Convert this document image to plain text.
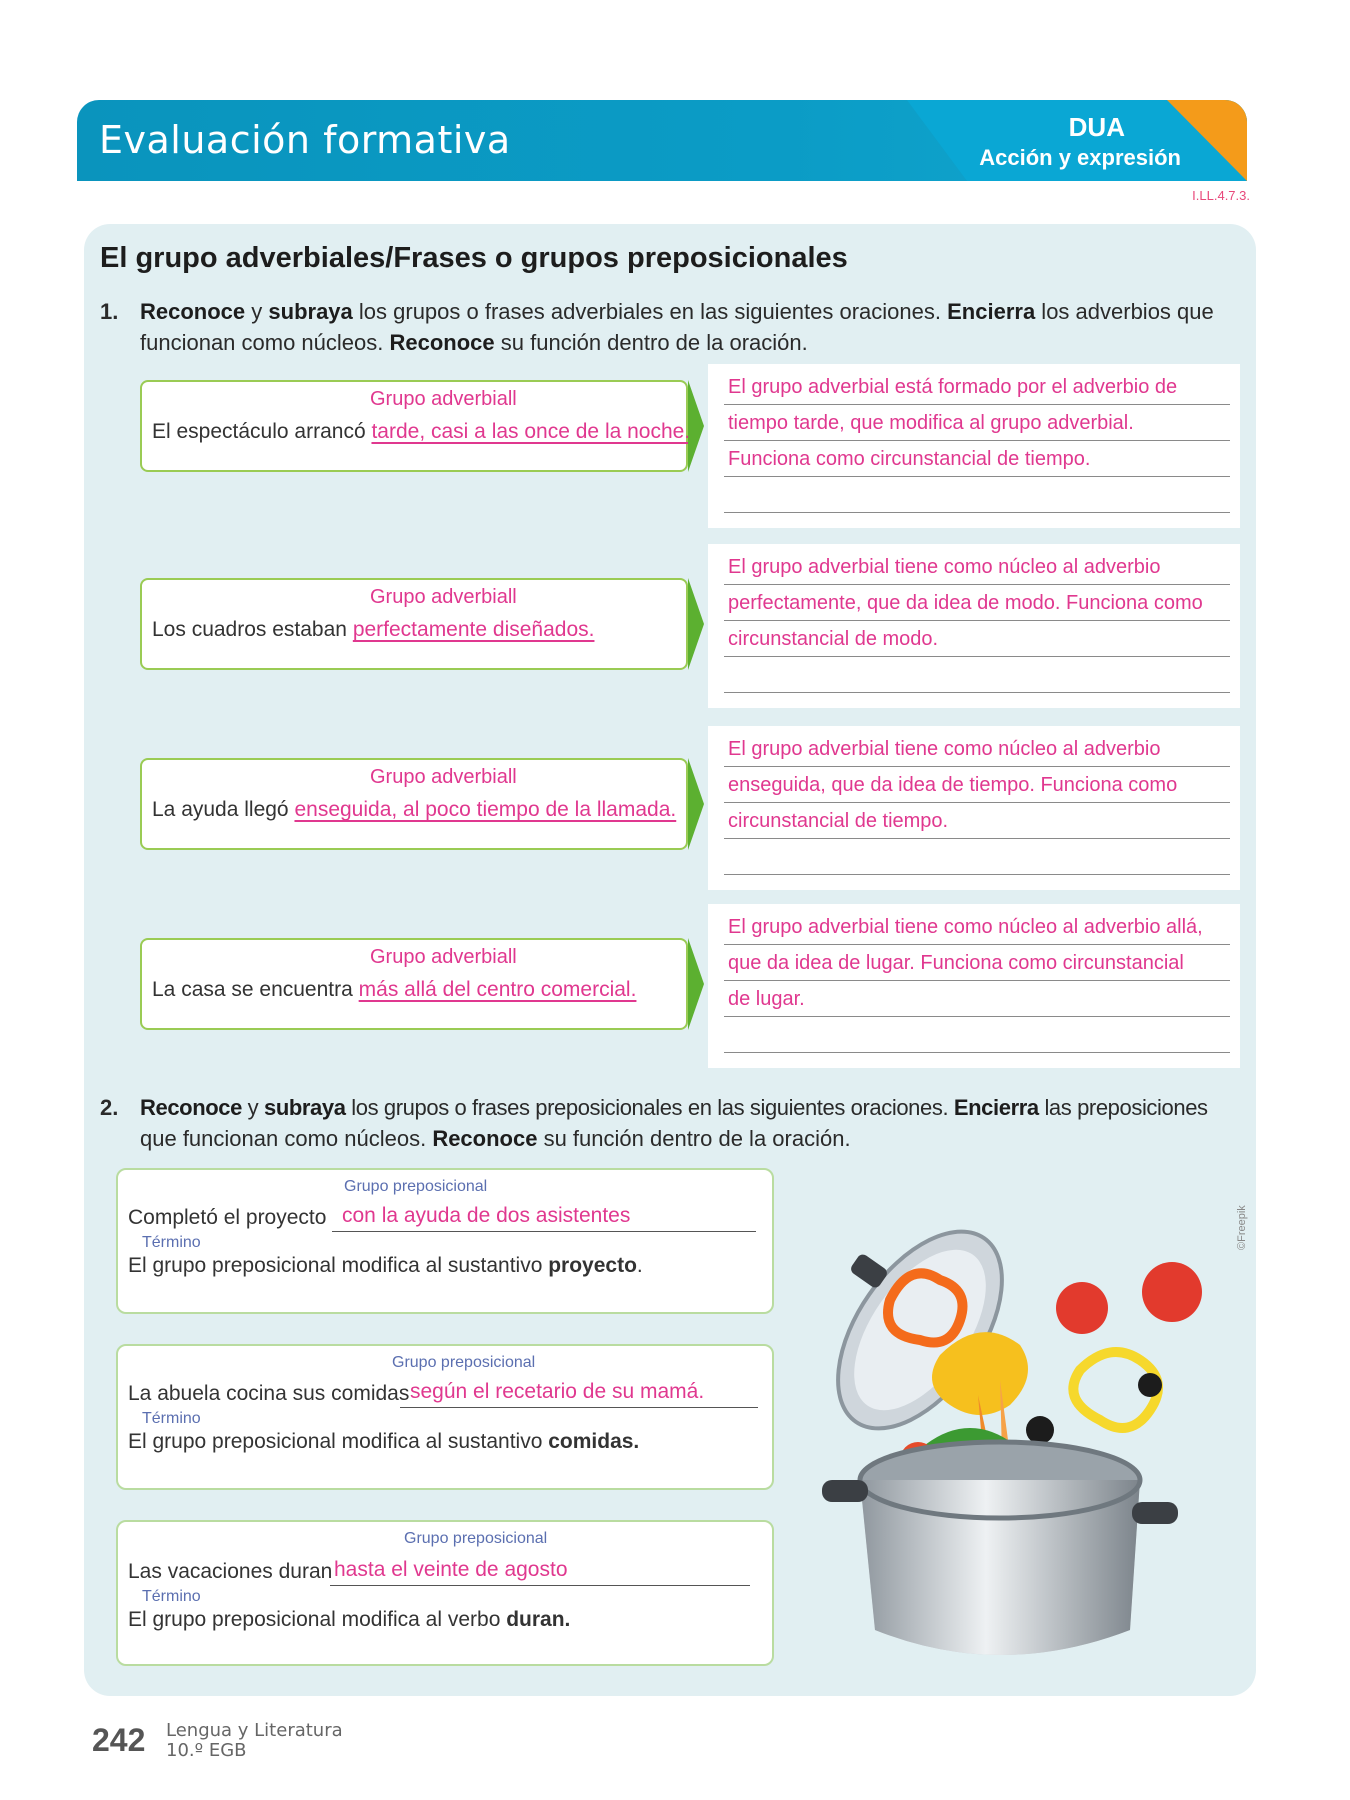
Evaluación formativa	DUA
Acción y expresión
I.LL.4.7.3.
El grupo adverbiales/Frases o grupos preposicionales
1. Reconoce y subraya los grupos o frases adverbiales en las siguientes oraciones. Encierra los adverbios que
funcionan como núcleos. Reconoce su función dentro de la oración.
Grupo adverbiall
El espectáculo arrancó tarde, casi a las once de la noche.
El grupo adverbial está formado por el adverbio de
tiempo tarde, que modifica al grupo adverbial.
Funciona como circunstancial de tiempo.
Grupo adverbiall
Los cuadros estaban perfectamente diseñados.
El grupo adverbial tiene como núcleo al adverbio
perfectamente, que da idea de modo. Funciona como
circunstancial de modo.
Grupo adverbiall
La ayuda llegó enseguida, al poco tiempo de la llamada.
El grupo adverbial tiene como núcleo al adverbio
enseguida, que da idea de tiempo. Funciona como
circunstancial de tiempo.
Grupo adverbiall
La casa se encuentra más allá del centro comercial.
El grupo adverbial tiene como núcleo al adverbio allá,
que da idea de lugar. Funciona como circunstancial
de lugar.
2. Reconoce y subraya los grupos o frases preposicionales en las siguientes oraciones. Encierra las preposiciones
que funcionan como núcleos. Reconoce su función dentro de la oración.
Grupo preposicional
Completó el proyecto con la ayuda de dos asistentes
Término
El grupo preposicional modifica al sustantivo proyecto.
Grupo preposicional
La abuela cocina sus comidas según el recetario de su mamá.
Término
El grupo preposicional modifica al sustantivo comidas.
Grupo preposicional
Las vacaciones duran hasta el veinte de agosto
Término
El grupo preposicional modifica al verbo duran.
©Freepik
242 Lengua y Literatura
10.º EGB
